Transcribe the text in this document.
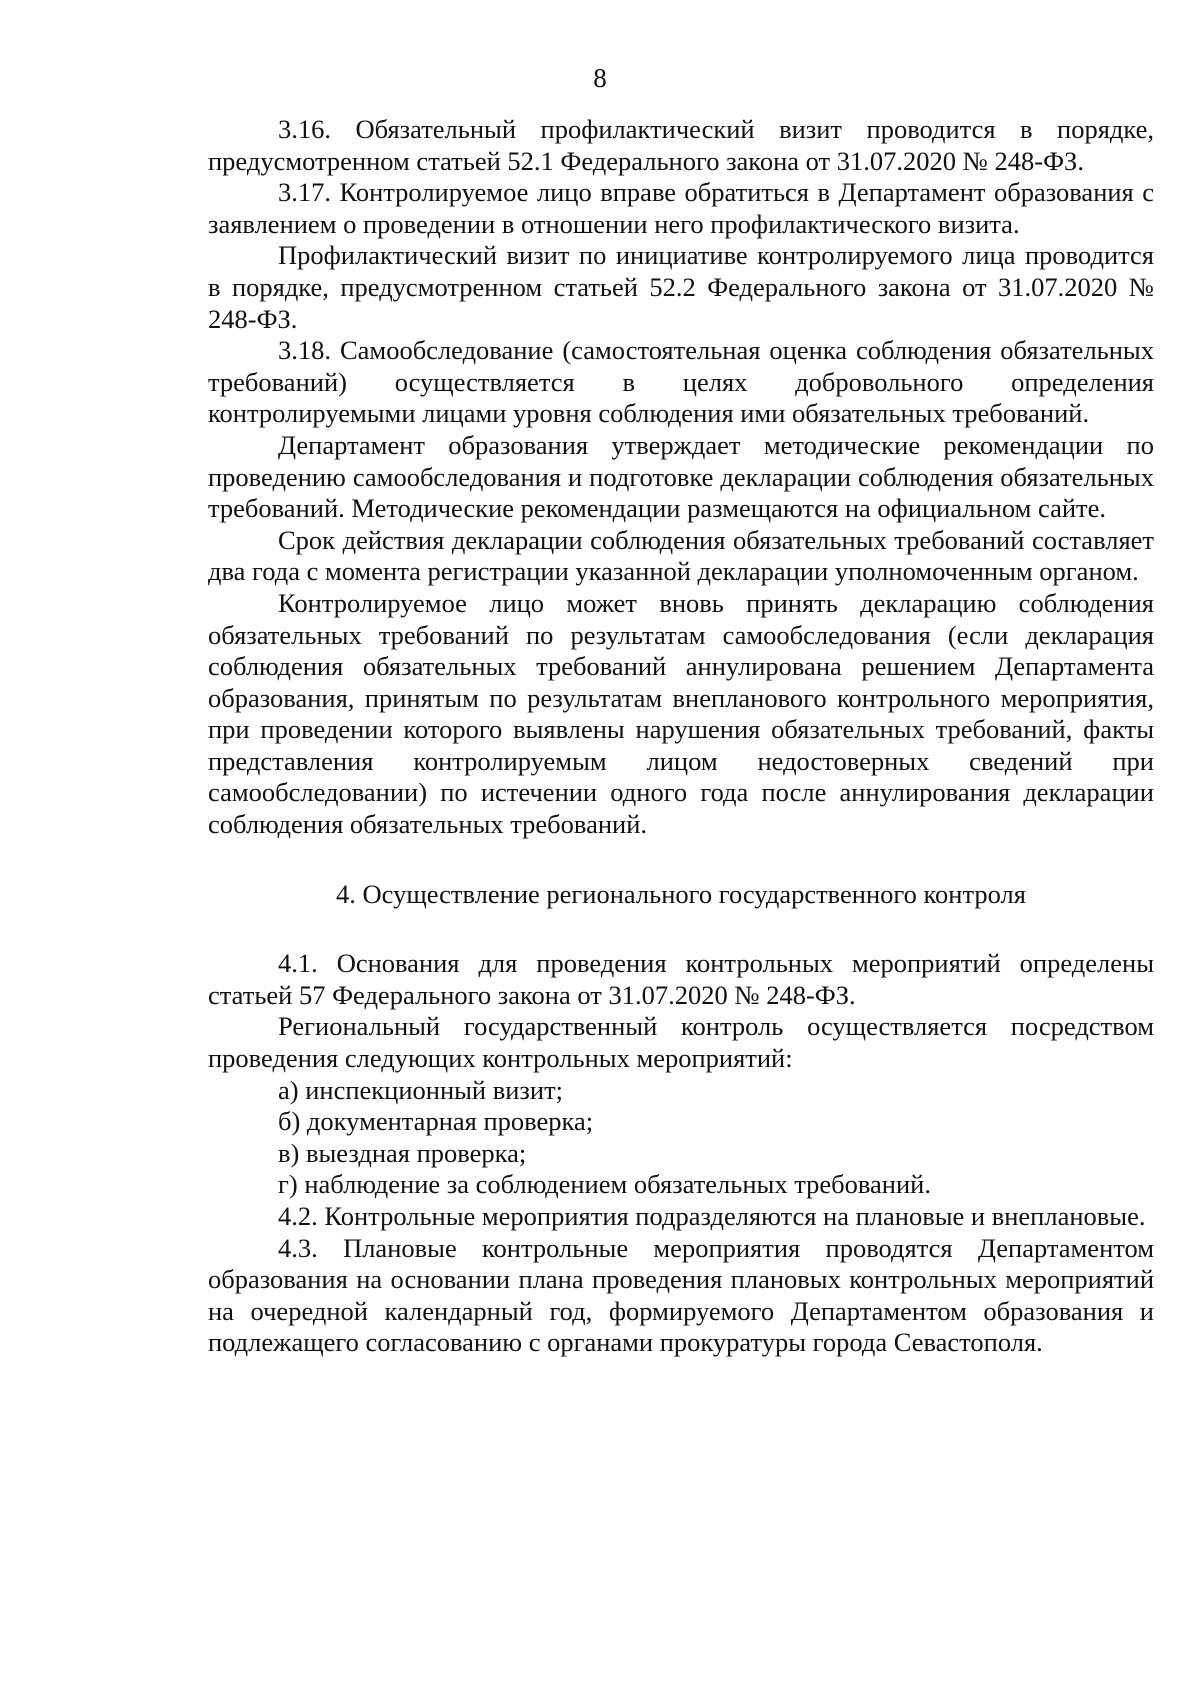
8

3.16. Обязательный профилактический визит проводится в порядке, предусмотренном статьей 52.1 Федерального закона от 31.07.2020 № 248-ФЗ.

3.17. Контролируемое лицо вправе обратиться в Департамент образования с заявлением о проведении в отношении него профилактического визита.

Профилактический визит по инициативе контролируемого лица проводится в порядке, предусмотренном статьей 52.2 Федерального закона от 31.07.2020 № 248-ФЗ.

3.18. Самообследование (самостоятельная оценка соблюдения обязательных требований) осуществляется в целях добровольного определения контролируемыми лицами уровня соблюдения ими обязательных требований.

Департамент образования утверждает методические рекомендации по проведению самообследования и подготовке декларации соблюдения обязательных требований. Методические рекомендации размещаются на официальном сайте.

Срок действия декларации соблюдения обязательных требований составляет два года с момента регистрации указанной декларации уполномоченным органом.

Контролируемое лицо может вновь принять декларацию соблюдения обязательных требований по результатам самообследования (если декларация соблюдения обязательных требований аннулирована решением Департамента образования, принятым по результатам внепланового контрольного мероприятия, при проведении которого выявлены нарушения обязательных требований, факты представления контролируемым лицом недостоверных сведений при самообследовании) по истечении одного года после аннулирования декларации соблюдения обязательных требований.

4. Осуществление регионального государственного контроля

4.1. Основания для проведения контрольных мероприятий определены статьей 57 Федерального закона от 31.07.2020 № 248-ФЗ.

Региональный государственный контроль осуществляется посредством проведения следующих контрольных мероприятий:

а) инспекционный визит;

б) документарная проверка;

в) выездная проверка;

г) наблюдение за соблюдением обязательных требований.

4.2. Контрольные мероприятия подразделяются на плановые и внеплановые.

4.3. Плановые контрольные мероприятия проводятся Департаментом образования на основании плана проведения плановых контрольных мероприятий на очередной календарный год, формируемого Департаментом образования и подлежащего согласованию с органами прокуратуры города Севастополя.
